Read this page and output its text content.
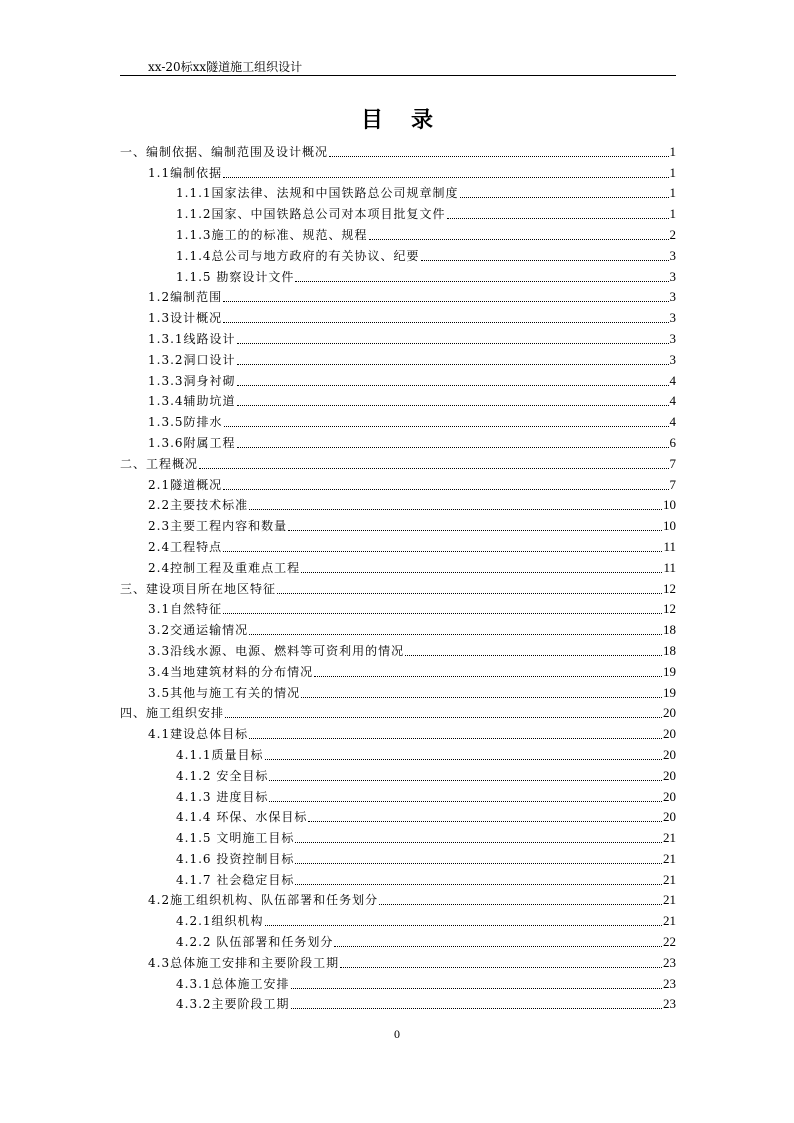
xx-20标xx隧道施工组织设计
目录
一、编制依据、编制范围及设计概况	1
1.1编制依据	1
1.1.1国家法律、法规和中国铁路总公司规章制度	1
1.1.2国家、中国铁路总公司对本项目批复文件	1
1.1.3施工的的标准、规范、规程	2
1.1.4总公司与地方政府的有关协议、纪要	3
1.1.5 勘察设计文件	3
1.2编制范围	3
1.3设计概况	3
1.3.1线路设计	3
1.3.2洞口设计	3
1.3.3洞身衬砌	4
1.3.4辅助坑道	4
1.3.5防排水	4
1.3.6附属工程	6
二、工程概况	7
2.1隧道概况	7
2.2主要技术标准	10
2.3主要工程内容和数量	10
2.4工程特点	11
2.4控制工程及重难点工程	11
三、建设项目所在地区特征	12
3.1自然特征	12
3.2交通运输情况	18
3.3沿线水源、电源、燃料等可资利用的情况	18
3.4当地建筑材料的分布情况	19
3.5其他与施工有关的情况	19
四、施工组织安排	20
4.1建设总体目标	20
4.1.1质量目标	20
4.1.2 安全目标	20
4.1.3 进度目标	20
4.1.4 环保、水保目标	20
4.1.5 文明施工目标	21
4.1.6 投资控制目标	21
4.1.7 社会稳定目标	21
4.2施工组织机构、队伍部署和任务划分	21
4.2.1组织机构	21
4.2.2 队伍部署和任务划分	22
4.3总体施工安排和主要阶段工期	23
4.3.1总体施工安排	23
4.3.2主要阶段工期	23
0
